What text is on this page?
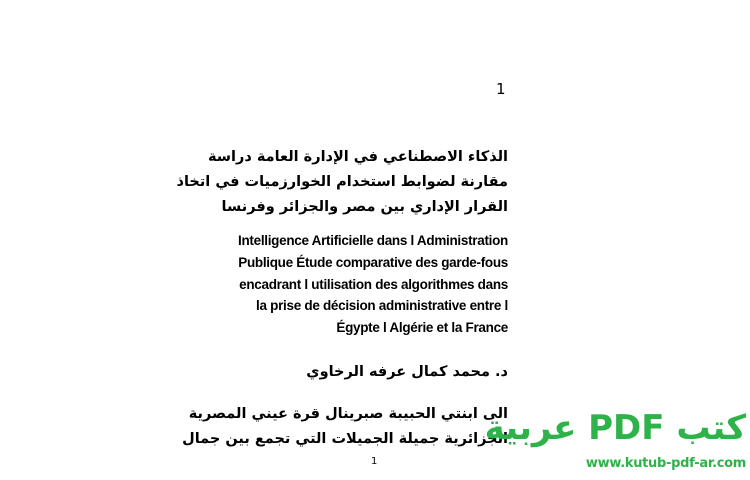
1
الذكاء الاصطناعي في الإدارة العامة دراسة
مقارنة لضوابط استخدام الخوارزميات في اتخاذ
القرار الإداري بين مصر والجزائر وفرنسا
Intelligence Artificielle dans l Administration
Publique Étude comparative des garde-fous
encadrant l utilisation des algorithmes dans
la prise de décision administrative entre l
Égypte l Algérie et la France
د. محمد كمال عرفه الرخاوي
الى ابنتي الحبيبة صبرينال قرة عيني المصرية
الجزائرية جميلة الجميلات التي تجمع بين جمال
1
كتب PDF عربية
www.kutub-pdf-ar.com
